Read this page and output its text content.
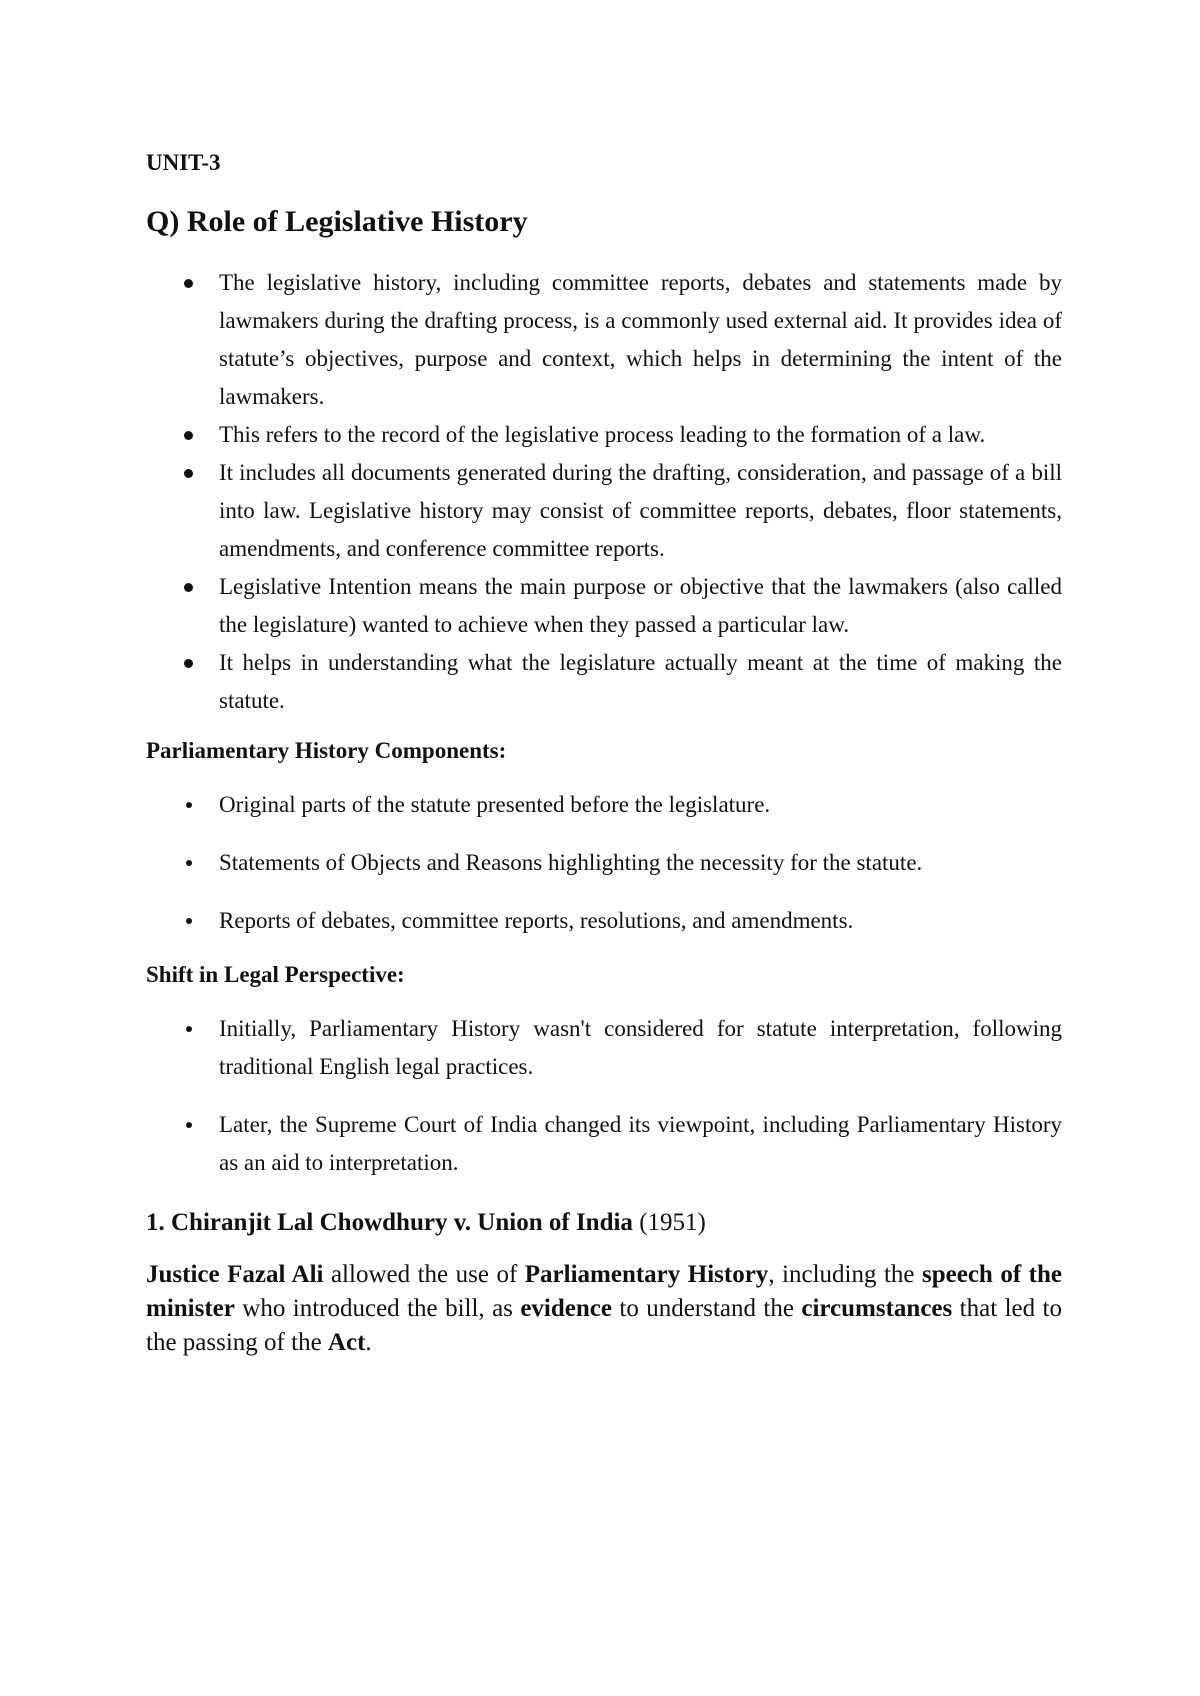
UNIT-3
Q) Role of Legislative History
The legislative history, including committee reports, debates and statements made by lawmakers during the drafting process, is a commonly used external aid. It provides idea of statute’s objectives, purpose and context, which helps in determining the intent of the lawmakers.
This refers to the record of the legislative process leading to the formation of a law.
It includes all documents generated during the drafting, consideration, and passage of a bill into law. Legislative history may consist of committee reports, debates, floor statements, amendments, and conference committee reports.
Legislative Intention means the main purpose or objective that the lawmakers (also called the legislature) wanted to achieve when they passed a particular law.
It helps in understanding what the legislature actually meant at the time of making the statute.
Parliamentary History Components:
Original parts of the statute presented before the legislature.
Statements of Objects and Reasons highlighting the necessity for the statute.
Reports of debates, committee reports, resolutions, and amendments.
Shift in Legal Perspective:
Initially, Parliamentary History wasn't considered for statute interpretation, following traditional English legal practices.
Later, the Supreme Court of India changed its viewpoint, including Parliamentary History as an aid to interpretation.
1. Chiranjit Lal Chowdhury v. Union of India (1951)

Justice Fazal Ali allowed the use of Parliamentary History, including the speech of the minister who introduced the bill, as evidence to understand the circumstances that led to the passing of the Act.
